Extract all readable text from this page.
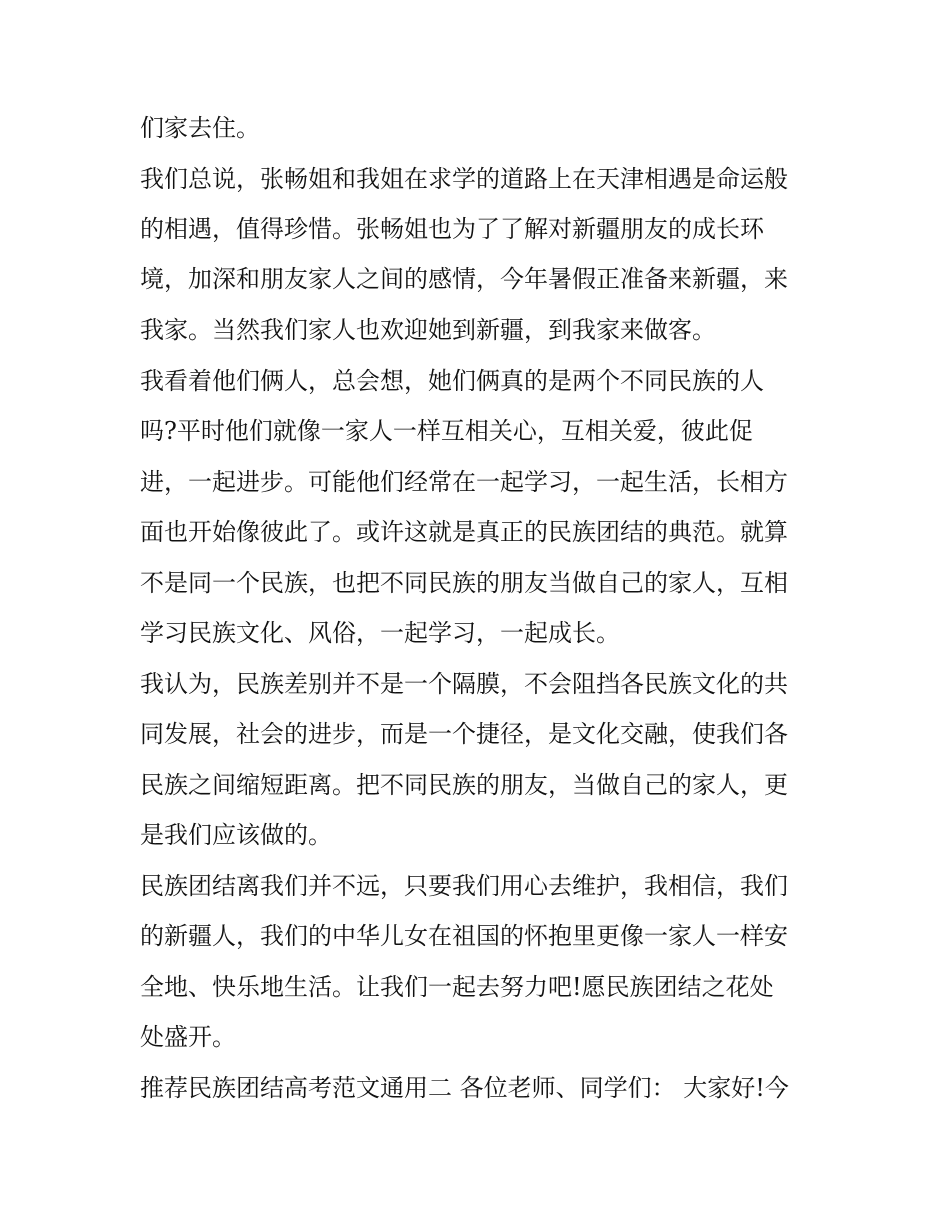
们家去住。
我们总说，张畅姐和我姐在求学的道路上在天津相遇是命运般
的相遇，值得珍惜。张畅姐也为了了解对新疆朋友的成长环
境，加深和朋友家人之间的感情，今年暑假正准备来新疆，来
我家。当然我们家人也欢迎她到新疆，到我家来做客。
我看着他们俩人，总会想，她们俩真的是两个不同民族的人
吗?平时他们就像一家人一样互相关心，互相关爱，彼此促
进，一起进步。可能他们经常在一起学习，一起生活，长相方
面也开始像彼此了。或许这就是真正的民族团结的典范。就算
不是同一个民族，也把不同民族的朋友当做自己的家人，互相
学习民族文化、风俗，一起学习，一起成长。
我认为，民族差别并不是一个隔膜，不会阻挡各民族文化的共
同发展，社会的进步，而是一个捷径，是文化交融，使我们各
民族之间缩短距离。把不同民族的朋友，当做自己的家人，更
是我们应该做的。
民族团结离我们并不远，只要我们用心去维护，我相信，我们
的新疆人，我们的中华儿女在祖国的怀抱里更像一家人一样安
全地、快乐地生活。让我们一起去努力吧!愿民族团结之花处
处盛开。
推荐民族团结高考范文通用二 各位老师、同学们： 大家好!今
